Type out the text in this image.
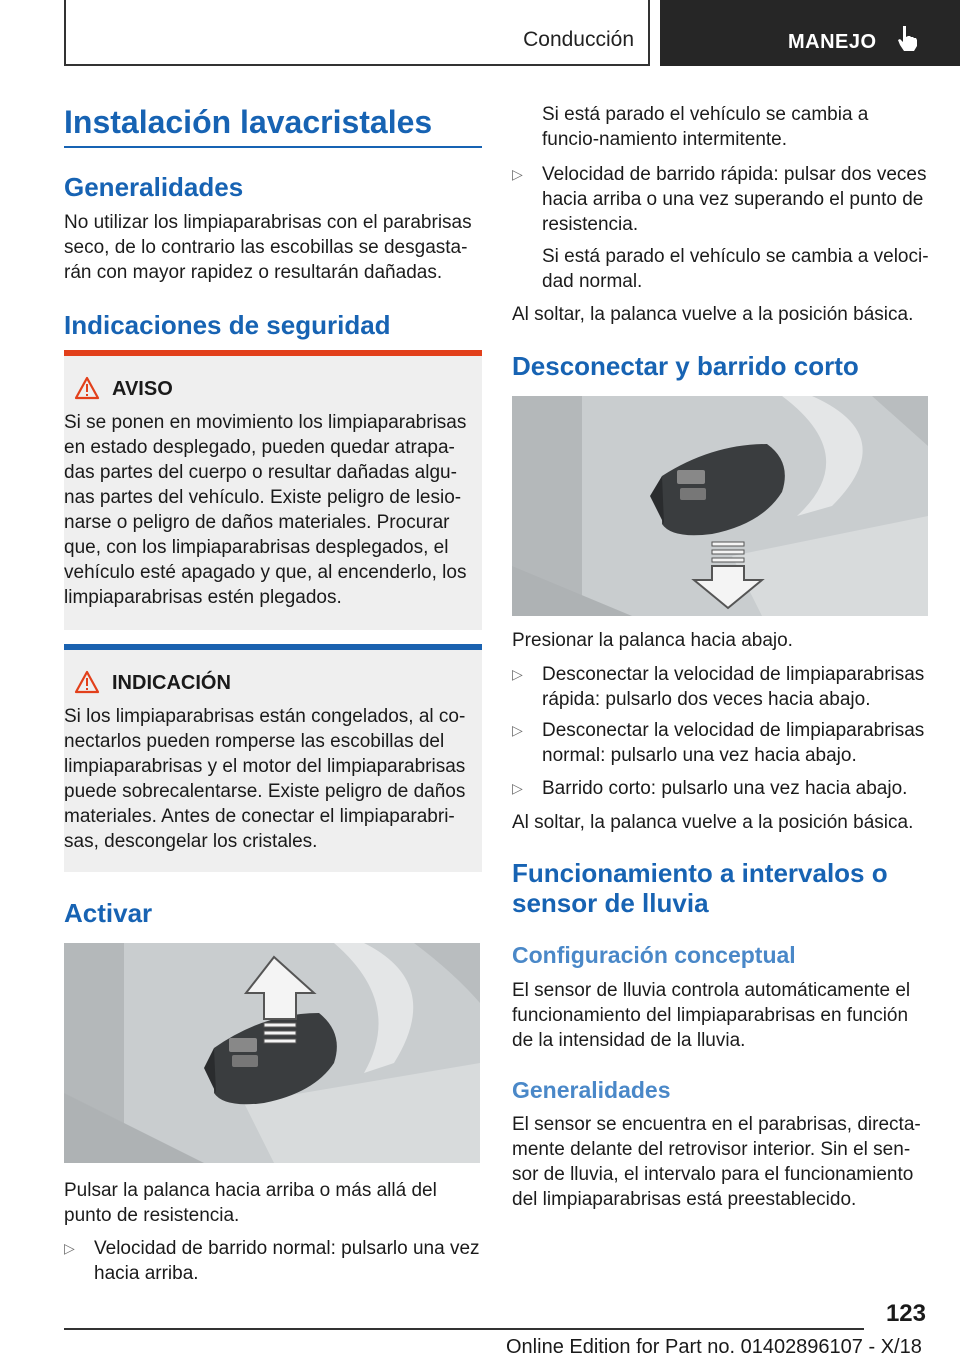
Conducción	MANEJO
Instalación lavacristales
Generalidades
No utilizar los limpiaparabrisas con el parabrisas seco, de lo contrario las escobillas se desgasta-rán con mayor rapidez o resultarán dañadas.
Indicaciones de seguridad
AVISO
Si se ponen en movimiento los limpiaparabrisas en estado desplegado, pueden quedar atrapa-das partes del cuerpo o resultar dañadas algu-nas partes del vehículo. Existe peligro de lesio-narse o peligro de daños materiales. Procurar que, con los limpiaparabrisas desplegados, el vehículo esté apagado y que, al encenderlo, los limpiaparabrisas estén plegados.
INDICACIÓN
Si los limpiaparabrisas están congelados, al co-nectarlos pueden romperse las escobillas del limpiaparabrisas y el motor del limpiaparabrisas puede sobrecalentarse. Existe peligro de daños materiales. Antes de conectar el limpiaparabri-sas, descongelar los cristales.
Activar
Pulsar la palanca hacia arriba o más allá del punto de resistencia.
▷ Velocidad de barrido normal: pulsarlo una vez hacia arriba.
Si está parado el vehículo se cambia a funcio-namiento intermitente.
▷ Velocidad de barrido rápida: pulsar dos veces hacia arriba o una vez superando el punto de resistencia.
Si está parado el vehículo se cambia a veloci-dad normal.
Al soltar, la palanca vuelve a la posición básica.
Desconectar y barrido corto
Presionar la palanca hacia abajo.
▷ Desconectar la velocidad de limpiaparabrisas rápida: pulsarlo dos veces hacia abajo.
▷ Desconectar la velocidad de limpiaparabrisas normal: pulsarlo una vez hacia abajo.
▷ Barrido corto: pulsarlo una vez hacia abajo.
Al soltar, la palanca vuelve a la posición básica.
Funcionamiento a intervalos o sensor de lluvia
Configuración conceptual
El sensor de lluvia controla automáticamente el funcionamiento del limpiaparabrisas en función de la intensidad de la lluvia.
Generalidades
El sensor se encuentra en el parabrisas, directa-mente delante del retrovisor interior. Sin el sen-sor de lluvia, el intervalo para el funcionamiento del limpiaparabrisas está preestablecido.
123
Online Edition for Part no. 01402896107 - X/18
